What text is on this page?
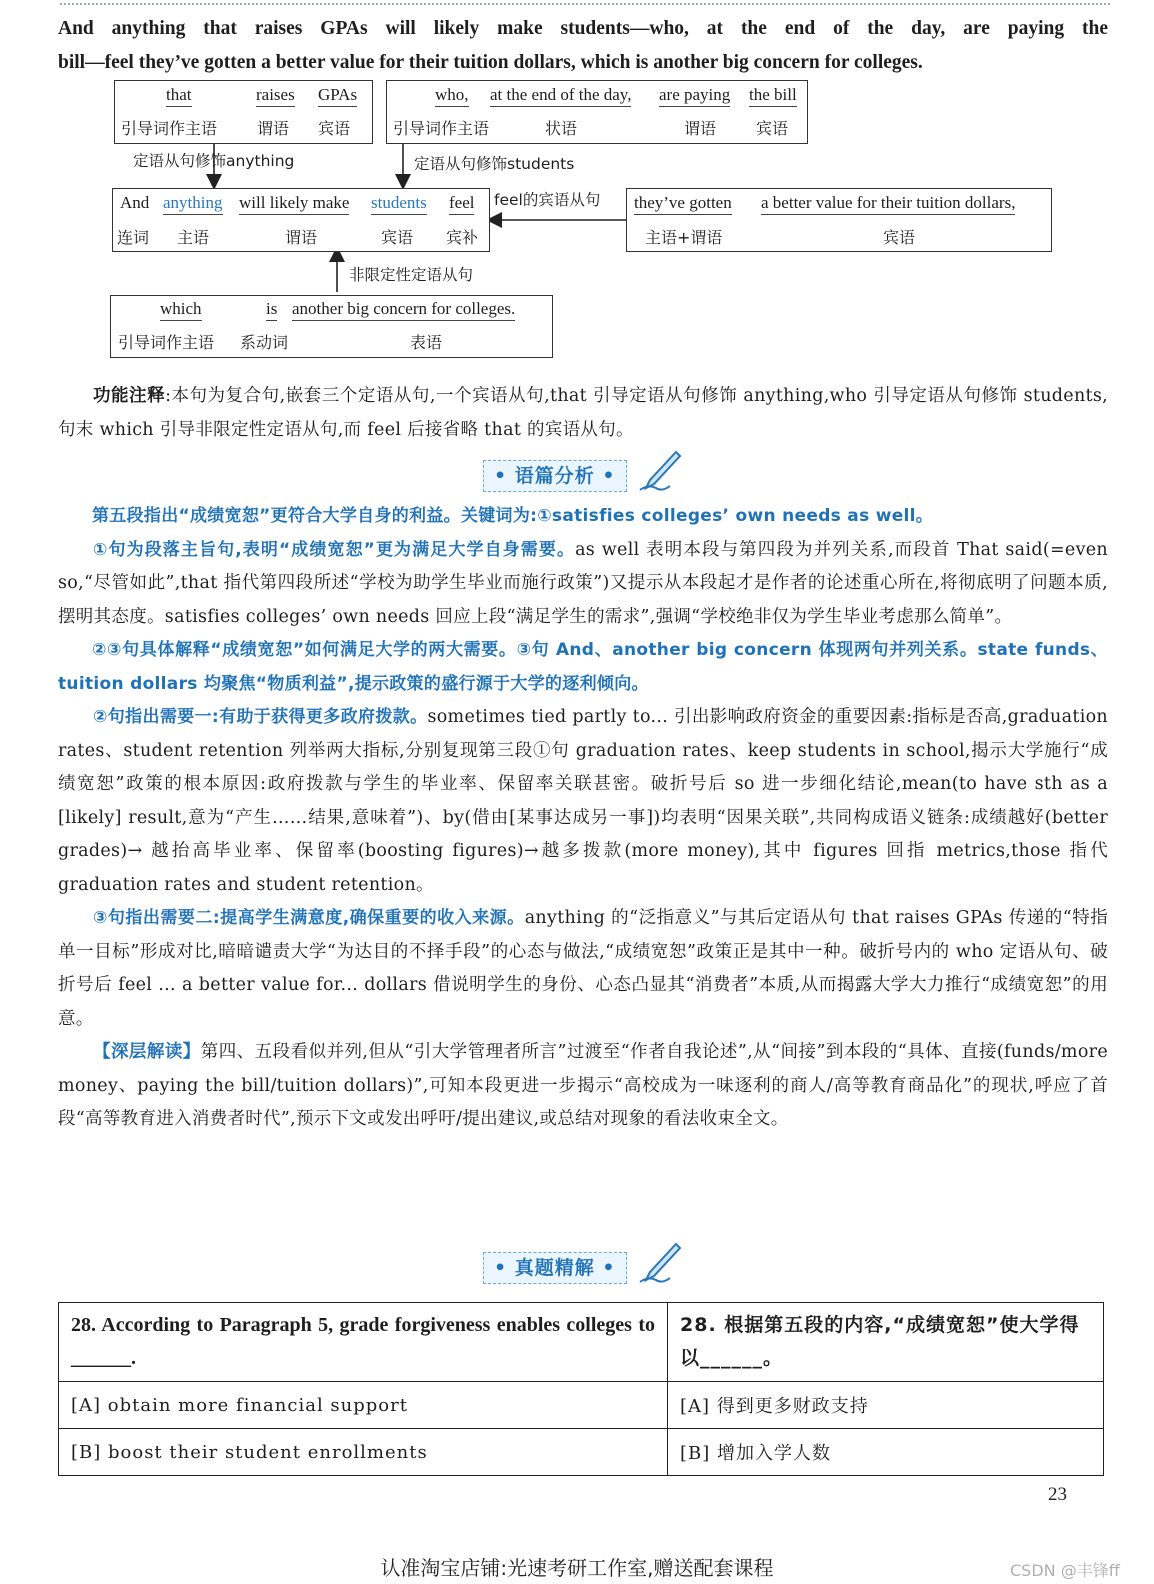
And anything that raises GPAs will likely make students—who, at the end of the day, are paying the
bill—feel they’ve gotten a better value for their tuition dollars, which is another big concern for colleges.
that	raises GPAs
引导词作主语 谓语 宾语
who, at the end of the day, are paying the bill
引导词作主语	状语	谓语 宾语
定语从句修饰anything	定语从句修饰students
And anything will likely make students feel
连词 主语	谓语	宾语 宾补
feel的宾语从句 they’ve gotten a better value for their tuition dollars,
主语+谓语	宾语
非限定性定语从句
which	is another big concern for colleges.
引导词作主语 系动词	表语

功能注释:本句为复合句,嵌套三个定语从句,一个宾语从句,that 引导定语从句修饰 anything,who 引导定语从句修饰 students,句末 which 引导非限定性定语从句,而 feel 后接省略 that 的宾语从句。

• 语篇分析 •

第五段指出“成绩宽恕”更符合大学自身的利益。关键词为:①satisfies colleges’ own needs as well。

①句为段落主旨句,表明“成绩宽恕”更为满足大学自身需要。as well 表明本段与第四段为并列关系,而段首 That said(=even so,“尽管如此”,that 指代第四段所述“学校为助学生毕业而施行政策”)又提示从本段起才是作者的论述重心所在,将彻底明了问题本质,摆明其态度。satisfies colleges’ own needs 回应上段“满足学生的需求”,强调“学校绝非仅为学生毕业考虑那么简单”。

②③句具体解释“成绩宽恕”如何满足大学的两大需要。③句 And、another big concern 体现两句并列关系。state funds、tuition dollars 均聚焦“物质利益”,提示政策的盛行源于大学的逐利倾向。

②句指出需要一:有助于获得更多政府拨款。sometimes tied partly to... 引出影响政府资金的重要因素:指标是否高,graduation rates、student retention 列举两大指标,分别复现第三段①句 graduation rates、keep students in school,揭示大学施行“成绩宽恕”政策的根本原因:政府拨款与学生的毕业率、保留率关联甚密。破折号后 so 进一步细化结论,mean(to have sth as a [likely] result,意为“产生……结果,意味着”)、by(借由[某事达成另一事])均表明“因果关联”,共同构成语义链条:成绩越好(better grades)→ 越抬高毕业率、保留率(boosting figures)→越多拨款(more money),其中 figures 回指 metrics,those 指代 graduation rates and student retention。

③句指出需要二:提高学生满意度,确保重要的收入来源。anything 的“泛指意义”与其后定语从句 that raises GPAs 传递的“特指单一目标”形成对比,暗暗谴责大学“为达目的不择手段”的心态与做法,“成绩宽恕”政策正是其中一种。破折号内的 who 定语从句、破折号后 feel ... a better value for... dollars 借说明学生的身份、心态凸显其“消费者”本质,从而揭露大学大力推行“成绩宽恕”的用意。

【深层解读】第四、五段看似并列,但从“引大学管理者所言”过渡至“作者自我论述”,从“间接”到本段的“具体、直接(funds/more money、paying the bill/tuition dollars)”,可知本段更进一步揭示“高校成为一味逐利的商人/高等教育商品化”的现状,呼应了首段“高等教育进入消费者时代”,预示下文或发出呼吁/提出建议,或总结对现象的看法收束全文。

• 真题精解 •
28. According to Paragraph 5, grade forgiveness enables colleges to ______.	28. 根据第五段的内容,“成绩宽恕”使大学得以______。
[A] obtain more financial support	[A] 得到更多财政支持
[B] boost their student enrollments	[B] 增加入学人数
23
认准淘宝店铺:光速考研工作室,赠送配套课程	CSDN @丰锋ff
